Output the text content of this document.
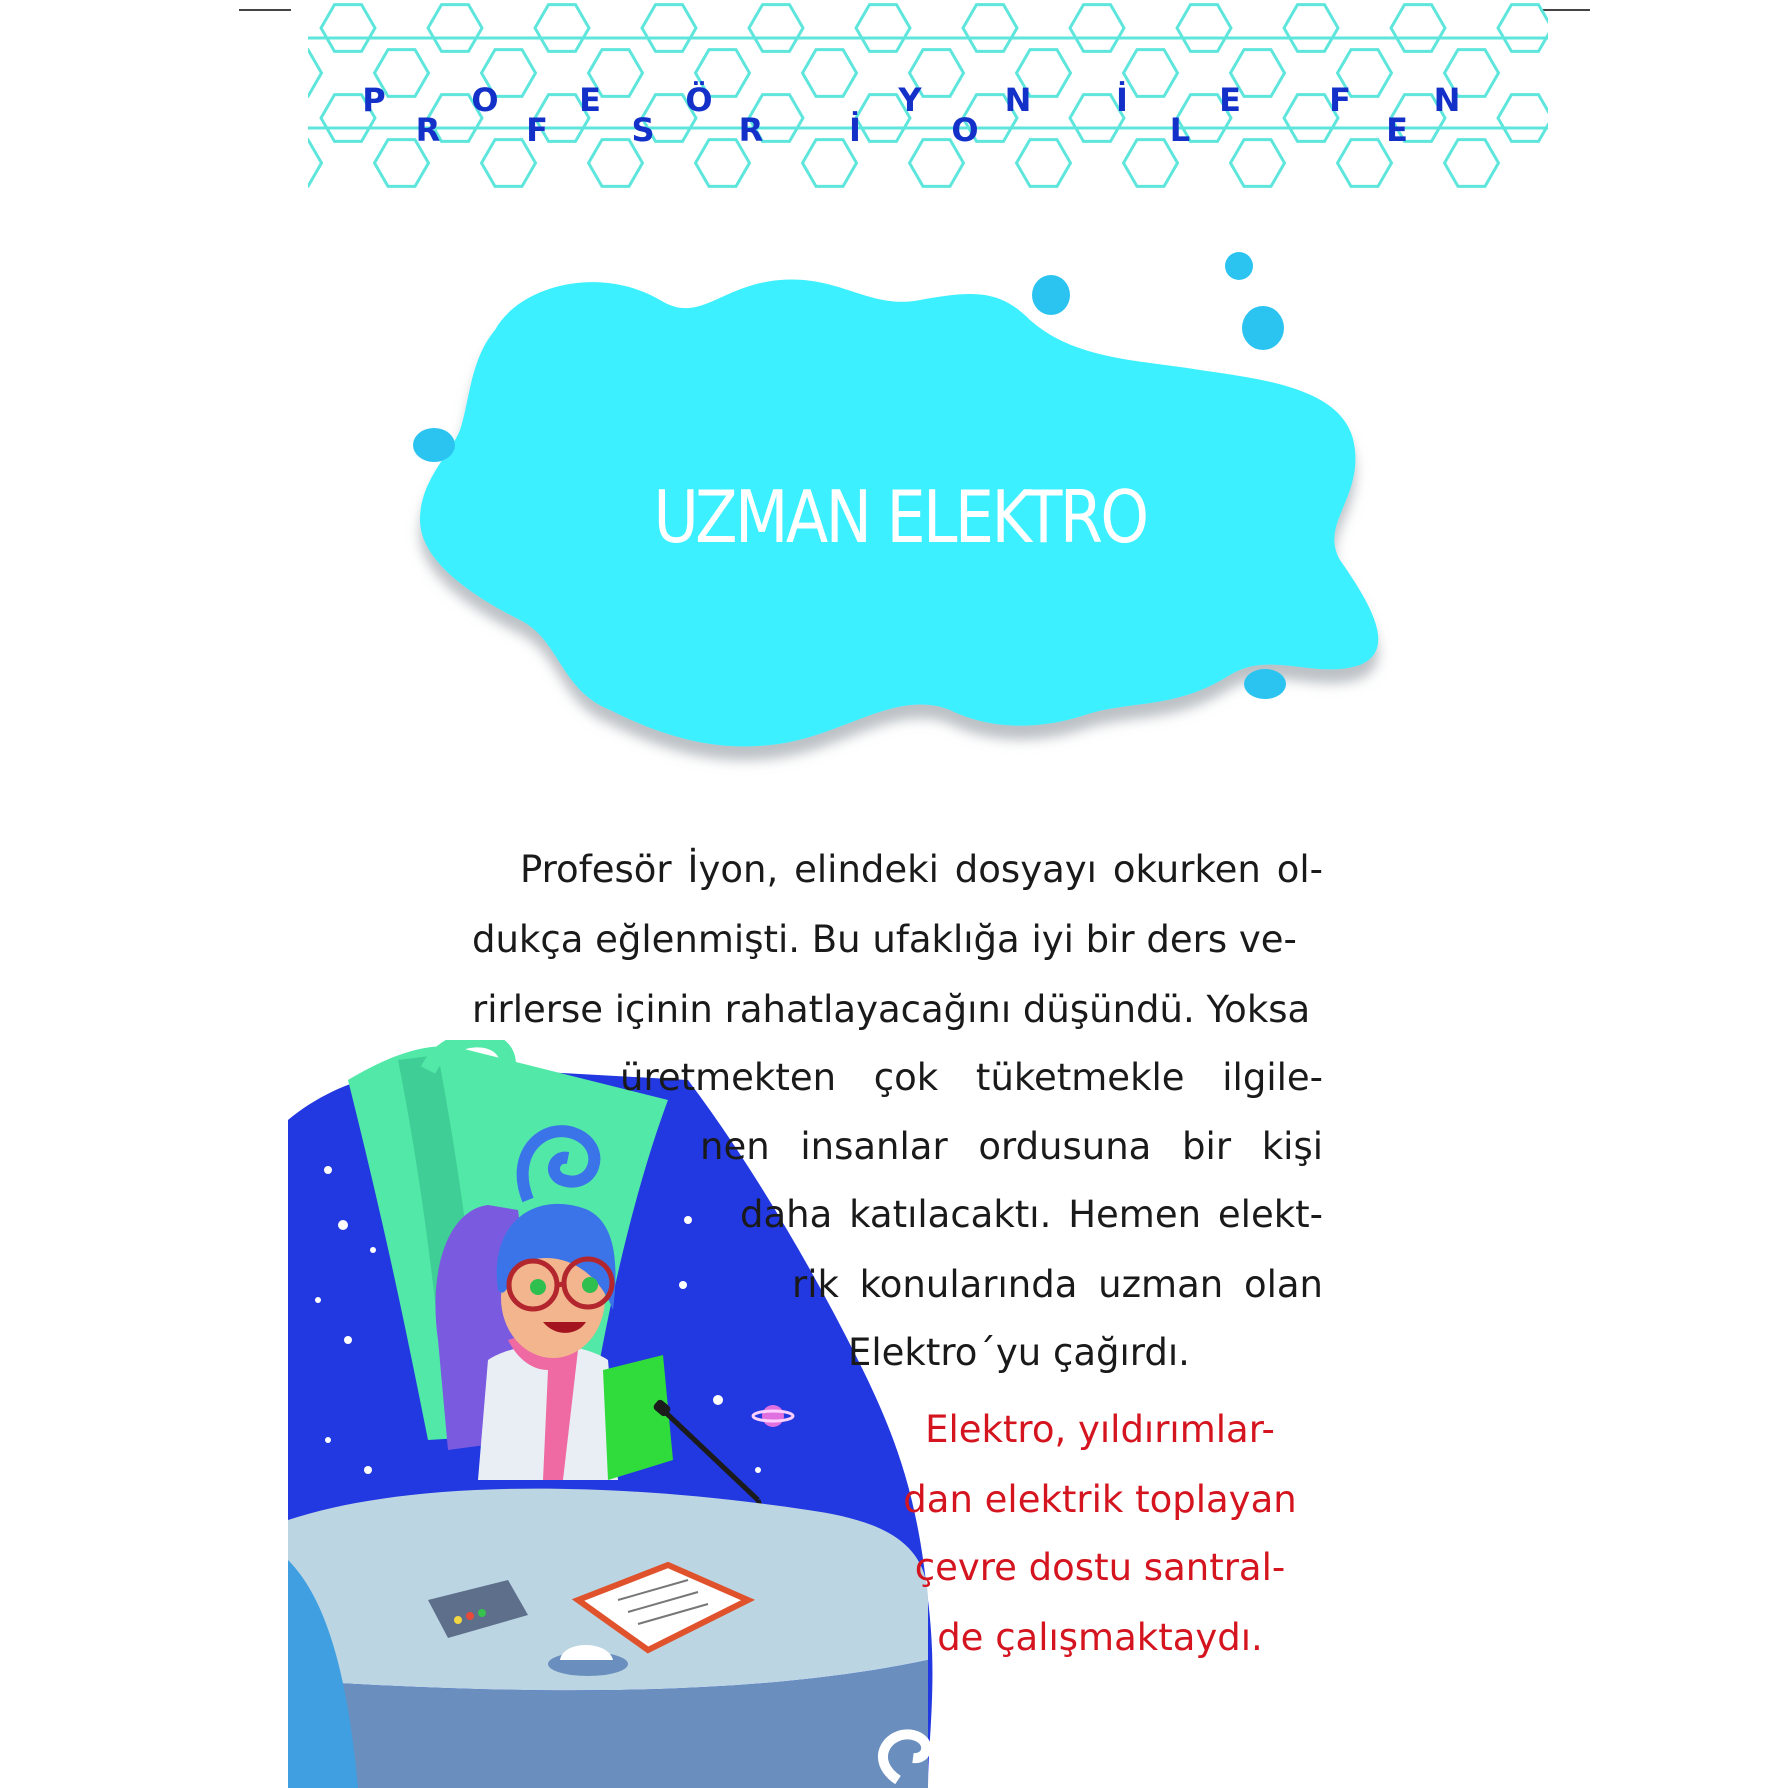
P	O	E	Ö
İ
Y	N	İ	E	F	N
R	F	S	R	O	L	E
UZMAN ELEKTRO
Profesör İyon, elindeki dosyayı okurken ol-
dukça eğlenmişti. Bu ufaklığa iyi bir ders ve-
rirlerse içinin rahatlayacağını düşündü. Yoksa
üretmekten çok tüketmekle ilgile-
nen insanlar ordusuna bir kişi
daha katılacaktı. Hemen elekt-
rik konularında uzman olan
Elektro´yu çağırdı.
Elektro, yıldırımlar-
dan elektrik toplayan
çevre dostu santral-
de çalışmaktaydı.
